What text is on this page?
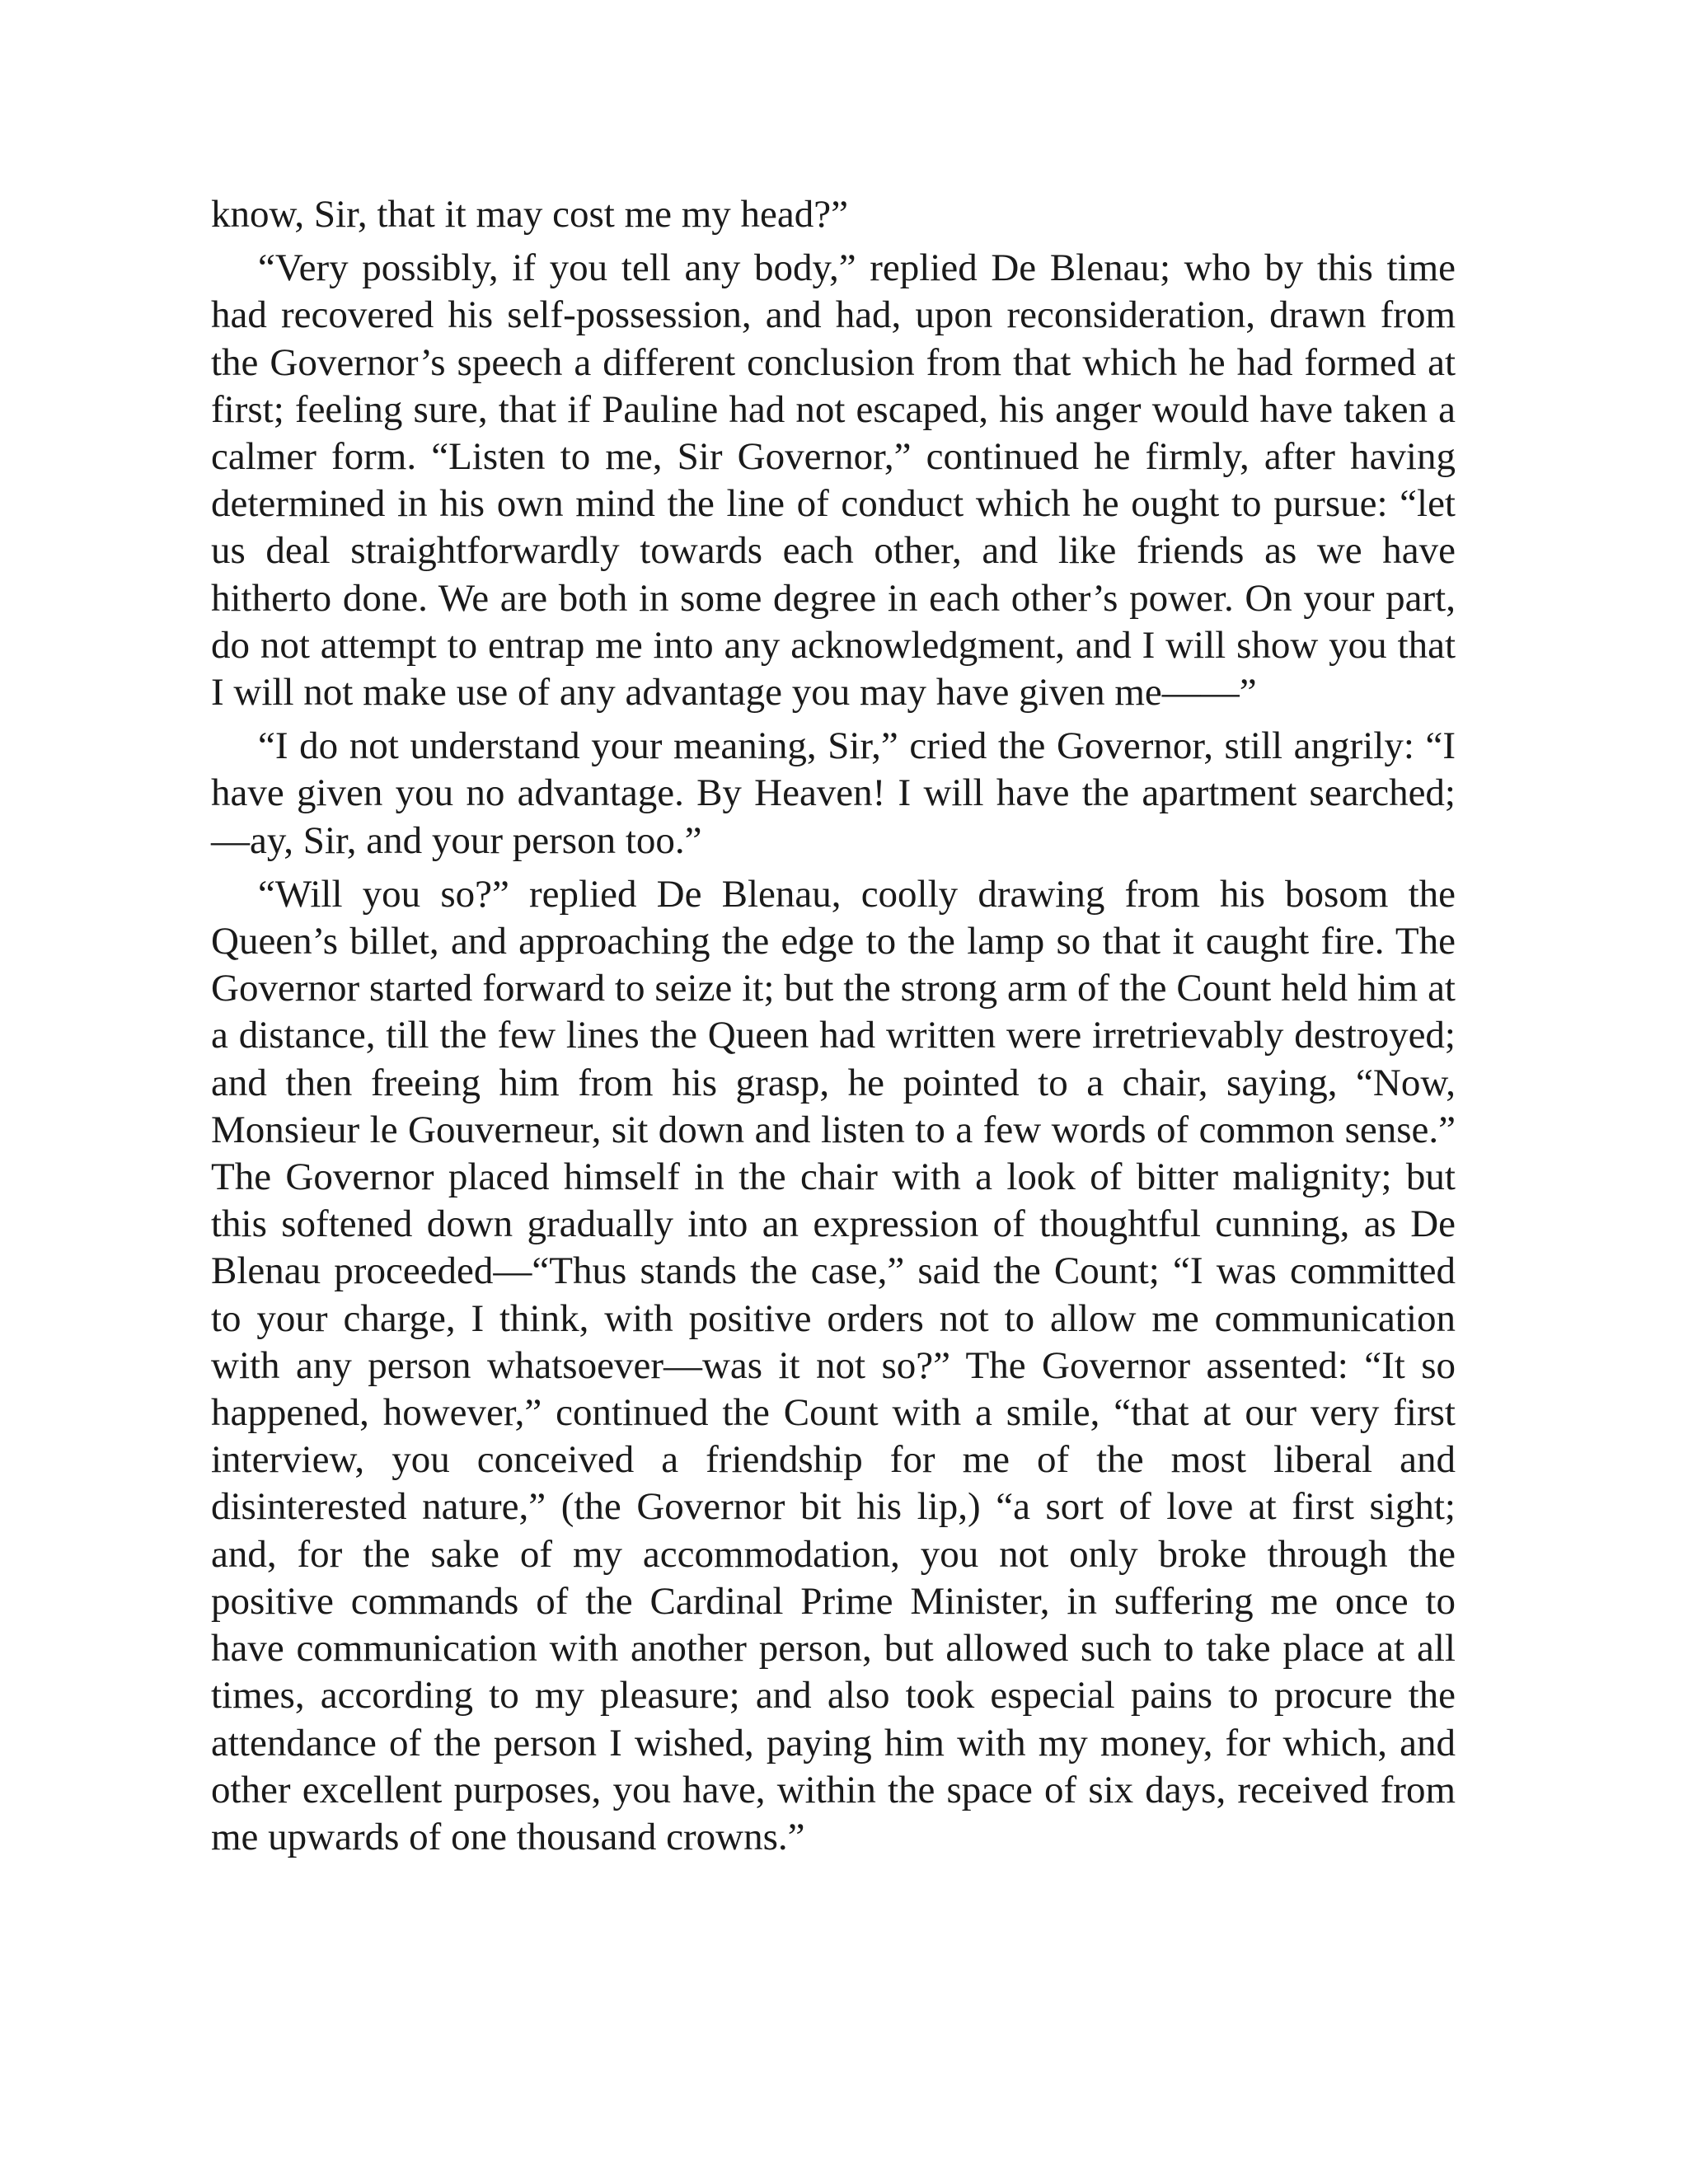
know, Sir, that it may cost me my head?”

“Very possibly, if you tell any body,” replied De Blenau; who by this time had recovered his self-possession, and had, upon reconsideration, drawn from the Governor’s speech a different conclusion from that which he had formed at first; feeling sure, that if Pauline had not escaped, his anger would have taken a calmer form. “Listen to me, Sir Governor,” continued he firmly, after having determined in his own mind the line of conduct which he ought to pursue: “let us deal straightforwardly towards each other, and like friends as we have hitherto done. We are both in some degree in each other’s power. On your part, do not attempt to entrap me into any acknowledgment, and I will show you that I will not make use of any advantage you may have given me——”

“I do not understand your meaning, Sir,” cried the Governor, still angrily: “I have given you no advantage. By Heaven! I will have the apartment searched;—ay, Sir, and your person too.”

“Will you so?” replied De Blenau, coolly drawing from his bosom the Queen’s billet, and approaching the edge to the lamp so that it caught fire. The Governor started forward to seize it; but the strong arm of the Count held him at a distance, till the few lines the Queen had written were irretrievably destroyed; and then freeing him from his grasp, he pointed to a chair, saying, “Now, Monsieur le Gouverneur, sit down and listen to a few words of common sense.” The Governor placed himself in the chair with a look of bitter malignity; but this softened down gradually into an expression of thoughtful cunning, as De Blenau proceeded—“Thus stands the case,” said the Count; “I was committed to your charge, I think, with positive orders not to allow me communication with any person whatsoever—was it not so?” The Governor assented: “It so happened, however,” continued the Count with a smile, “that at our very first interview, you conceived a friendship for me of the most liberal and disinterested nature,” (the Governor bit his lip,) “a sort of love at first sight; and, for the sake of my accommodation, you not only broke through the positive commands of the Cardinal Prime Minister, in suffering me once to have communication with another person, but allowed such to take place at all times, according to my pleasure; and also took especial pains to procure the attendance of the person I wished, paying him with my money, for which, and other excellent purposes, you have, within the space of six days, received from me upwards of one thousand crowns.”
